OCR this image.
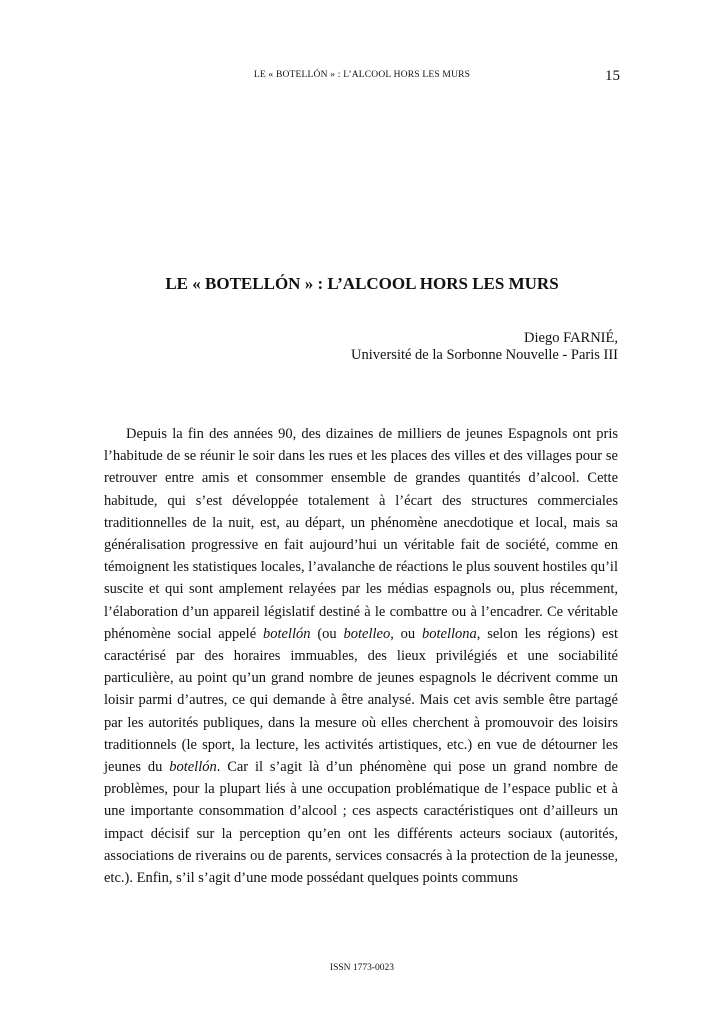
LE « BOTELLÓN » : L’ALCOOL HORS LES MURS	15
LE « BOTELLÓN » : L’ALCOOL HORS LES MURS
Diego FARNIÉ,
Université de la Sorbonne Nouvelle - Paris III

Depuis la fin des années 90, des dizaines de milliers de jeunes Espagnols ont pris l’habitude de se réunir le soir dans les rues et les places des villes et des villages pour se retrouver entre amis et consommer ensemble de grandes quantités d’alcool. Cette habitude, qui s’est développée totalement à l’écart des structures commerciales traditionnelles de la nuit, est, au départ, un phénomène anecdotique et local, mais sa généralisation progressive en fait aujourd’hui un véritable fait de société, comme en témoignent les statistiques locales, l’avalanche de réactions le plus souvent hostiles qu’il suscite et qui sont amplement relayées par les médias espagnols ou, plus récemment, l’élaboration d’un appareil législatif destiné à le combattre ou à l’encadrer. Ce véritable phénomène social appelé botellón (ou botelleo, ou botellona, selon les régions) est caractérisé par des horaires immuables, des lieux privilégiés et une sociabilité particulière, au point qu’un grand nombre de jeunes espagnols le décrivent comme un loisir parmi d’autres, ce qui demande à être analysé. Mais cet avis semble être partagé par les autorités publiques, dans la mesure où elles cherchent à promouvoir des loisirs traditionnels (le sport, la lecture, les activités artistiques, etc.) en vue de détourner les jeunes du botellón. Car il s’agit là d’un phénomène qui pose un grand nombre de problèmes, pour la plupart liés à une occupation problématique de l’espace public et à une importante consommation d’alcool ; ces aspects caractéristiques ont d’ailleurs un impact décisif sur la perception qu’en ont les différents acteurs sociaux (autorités, associations de riverains ou de parents, services consacrés à la protection de la jeunesse, etc.). Enfin, s’il s’agit d’une mode possédant quelques points communs

ISSN 1773-0023
